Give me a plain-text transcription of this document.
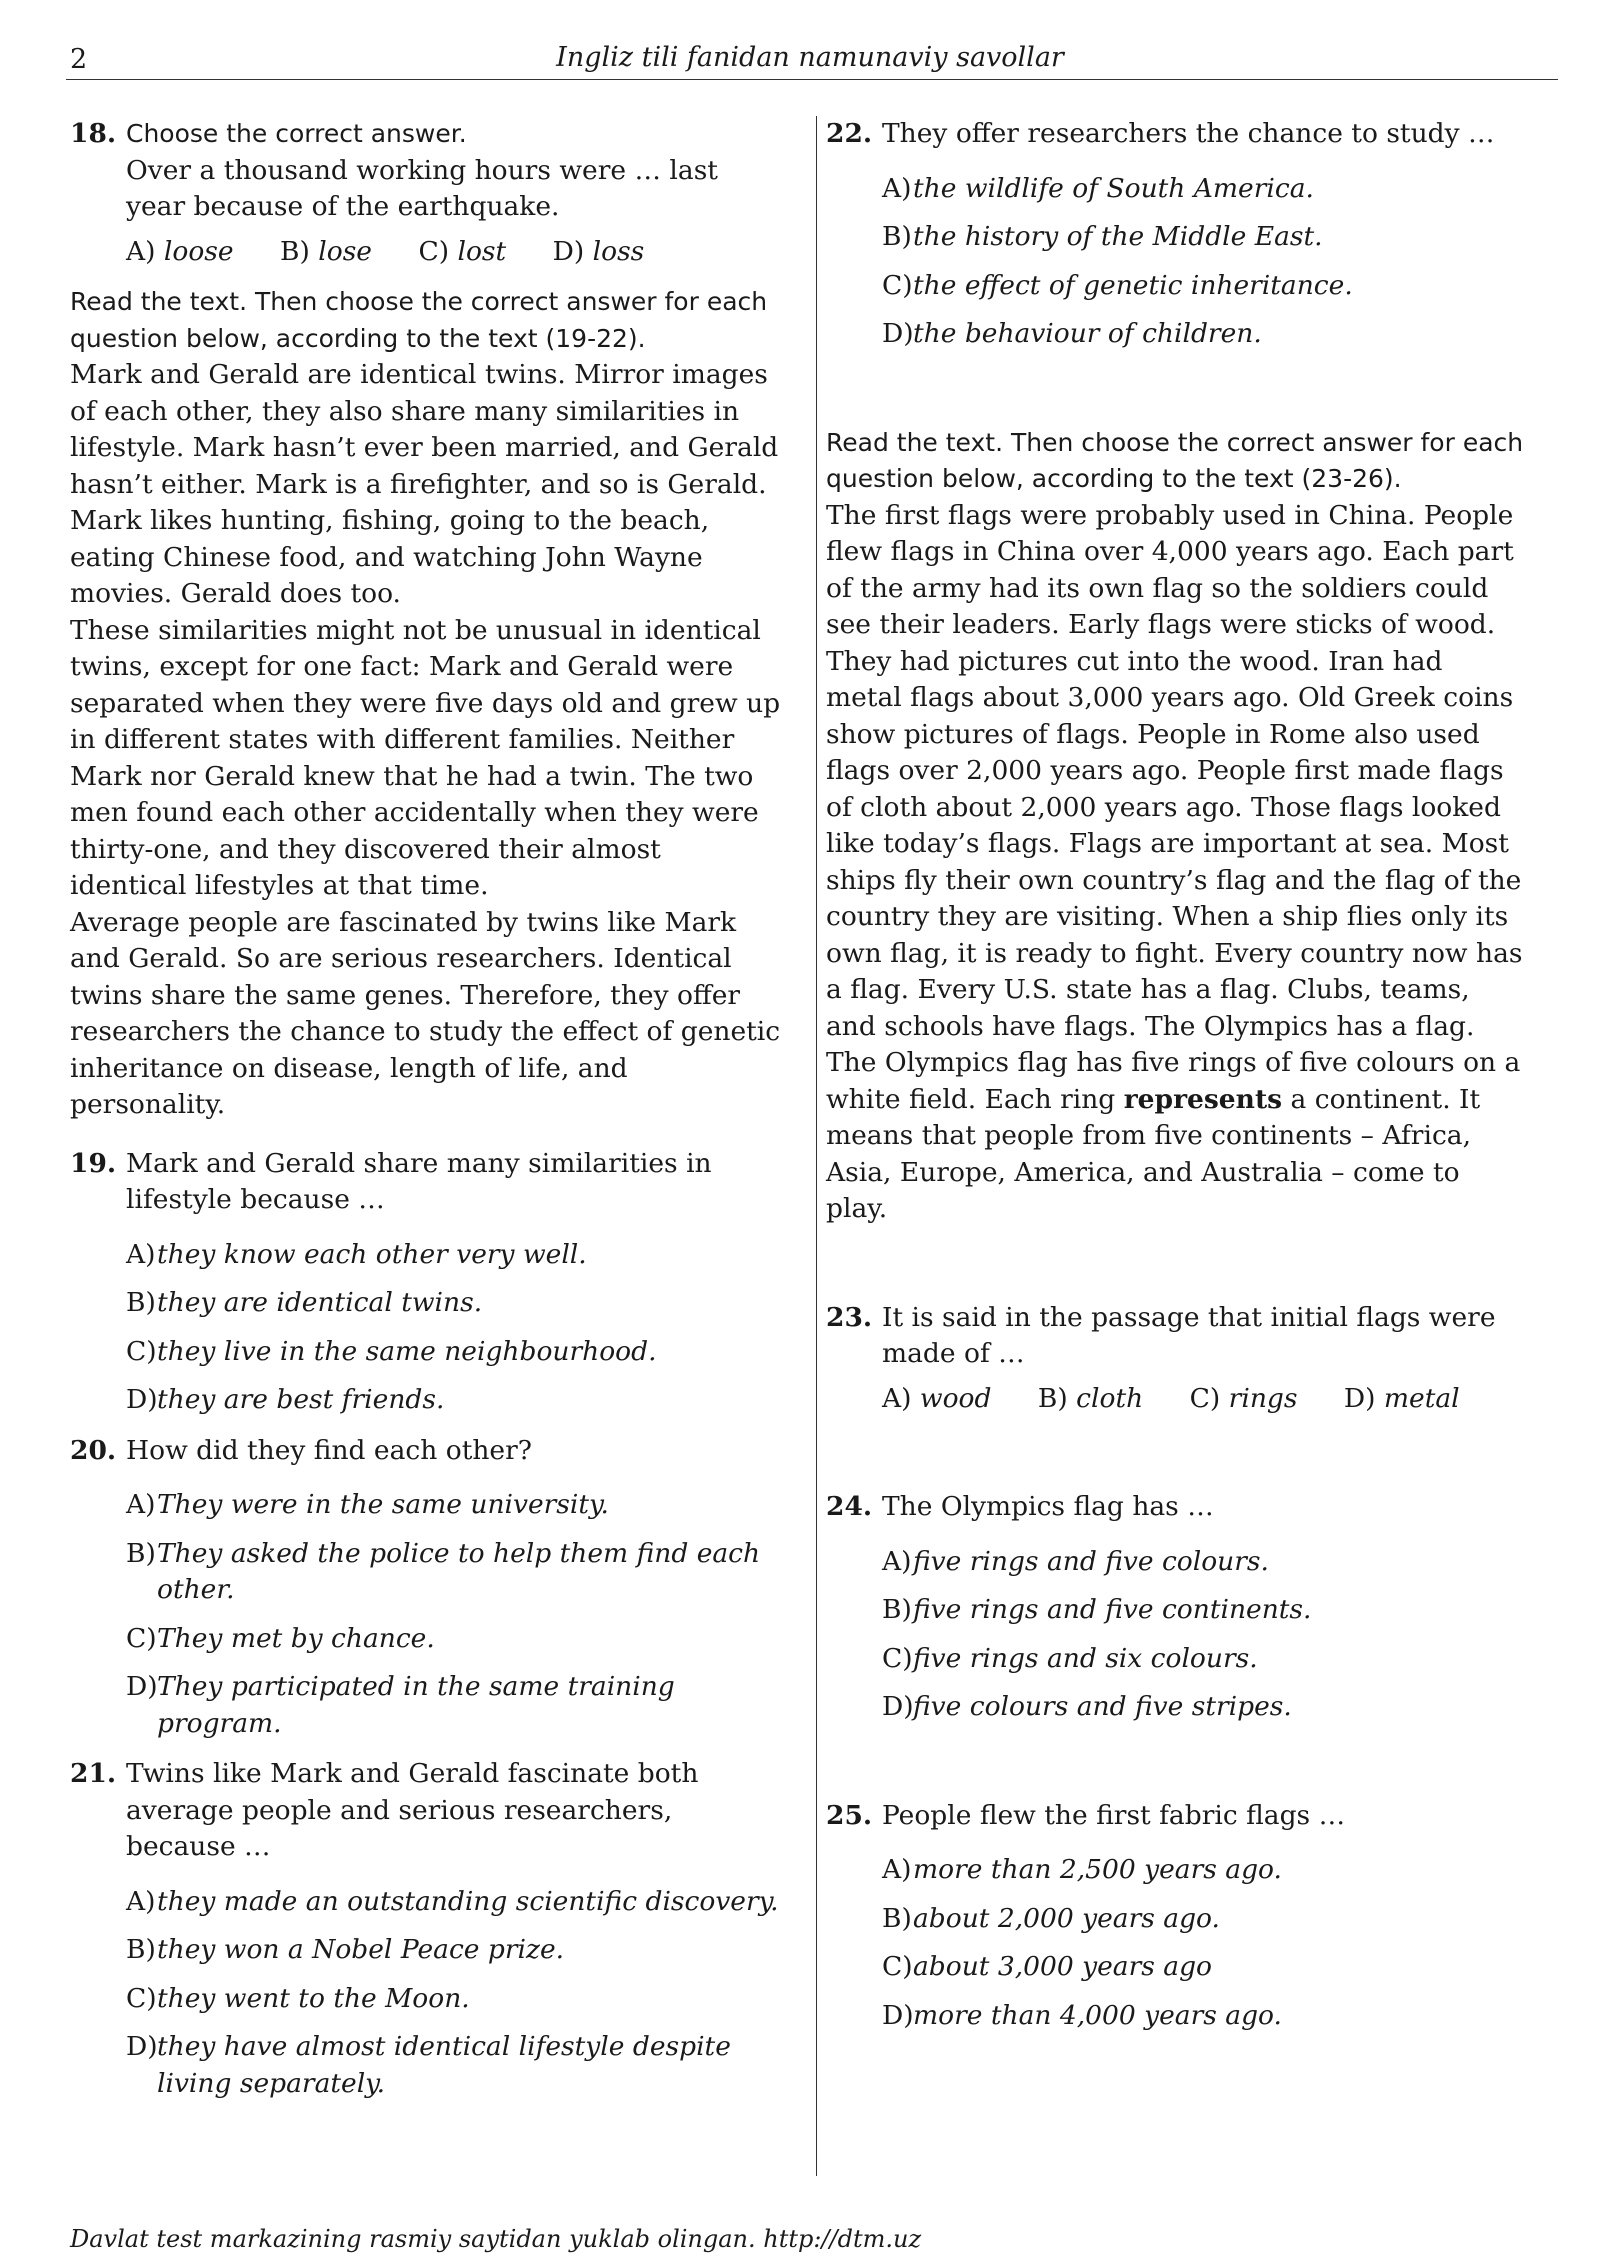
2	Ingliz tili fanidan namunaviy savollar
18. Choose the correct answer.
Over a thousand working hours were … last year because of the earthquake.
A) loose B) lose C) lost D) loss
Read the text. Then choose the correct answer for each question below, according to the text (19-22).

Mark and Gerald are identical twins. Mirror images of each other, they also share many similarities in lifestyle. Mark hasn’t ever been married, and Gerald hasn’t either. Mark is a firefighter, and so is Gerald. Mark likes hunting, fishing, going to the beach, eating Chinese food, and watching John Wayne movies. Gerald does too.

These similarities might not be unusual in identical twins, except for one fact: Mark and Gerald were separated when they were five days old and grew up in different states with different families. Neither Mark nor Gerald knew that he had a twin. The two men found each other accidentally when they were thirty-one, and they discovered their almost identical lifestyles at that time.

Average people are fascinated by twins like Mark and Gerald. So are serious researchers. Identical twins share the same genes. Therefore, they offer researchers the chance to study the effect of genetic inheritance on disease, length of life, and personality.

19. Mark and Gerald share many similarities in lifestyle because …
A) they know each other very well.
B) they are identical twins.
C) they live in the same neighbourhood.
D) they are best friends.
20. How did they find each other?
A) They were in the same university.
B) They asked the police to help them find each other.
C) They met by chance.
D) They participated in the same training program.
21. Twins like Mark and Gerald fascinate both average people and serious researchers, because …
A) they made an outstanding scientific discovery.
B) they won a Nobel Peace prize.
C) they went to the Moon.
D) they have almost identical lifestyle despite living separately.
22. They offer researchers the chance to study …
A) the wildlife of South America.
B) the history of the Middle East.
C) the effect of genetic inheritance.
D) the behaviour of children.
Read the text. Then choose the correct answer for each question below, according to the text (23-26).
The first flags were probably used in China. People flew flags in China over 4,000 years ago. Each part of the army had its own flag so the soldiers could see their leaders. Early flags were sticks of wood. They had pictures cut into the wood. Iran had metal flags about 3,000 years ago. Old Greek coins show pictures of flags. People in Rome also used flags over 2,000 years ago. People first made flags of cloth about 2,000 years ago. Those flags looked like today’s flags. Flags are important at sea. Most ships fly their own country’s flag and the flag of the country they are visiting. When a ship flies only its own flag, it is ready to fight. Every country now has a flag. Every U.S. state has a flag. Clubs, teams, and schools have flags. The Olympics has a flag. The Olympics flag has five rings of five colours on a white field. Each ring represents a continent. It means that people from five continents – Africa, Asia, Europe, America, and Australia – come to play.
23. It is said in the passage that initial flags were made of …
A) wood B) cloth C) rings D) metal
24. The Olympics flag has …
A) five rings and five colours.
B) five rings and five continents.
C) five rings and six colours.
D) five colours and five stripes.
25. People flew the first fabric flags …
A) more than 2,500 years ago.
B) about 2,000 years ago.
C) about 3,000 years ago
D) more than 4,000 years ago.
Davlat test markazining rasmiy saytidan yuklab olingan. http://dtm.uz
